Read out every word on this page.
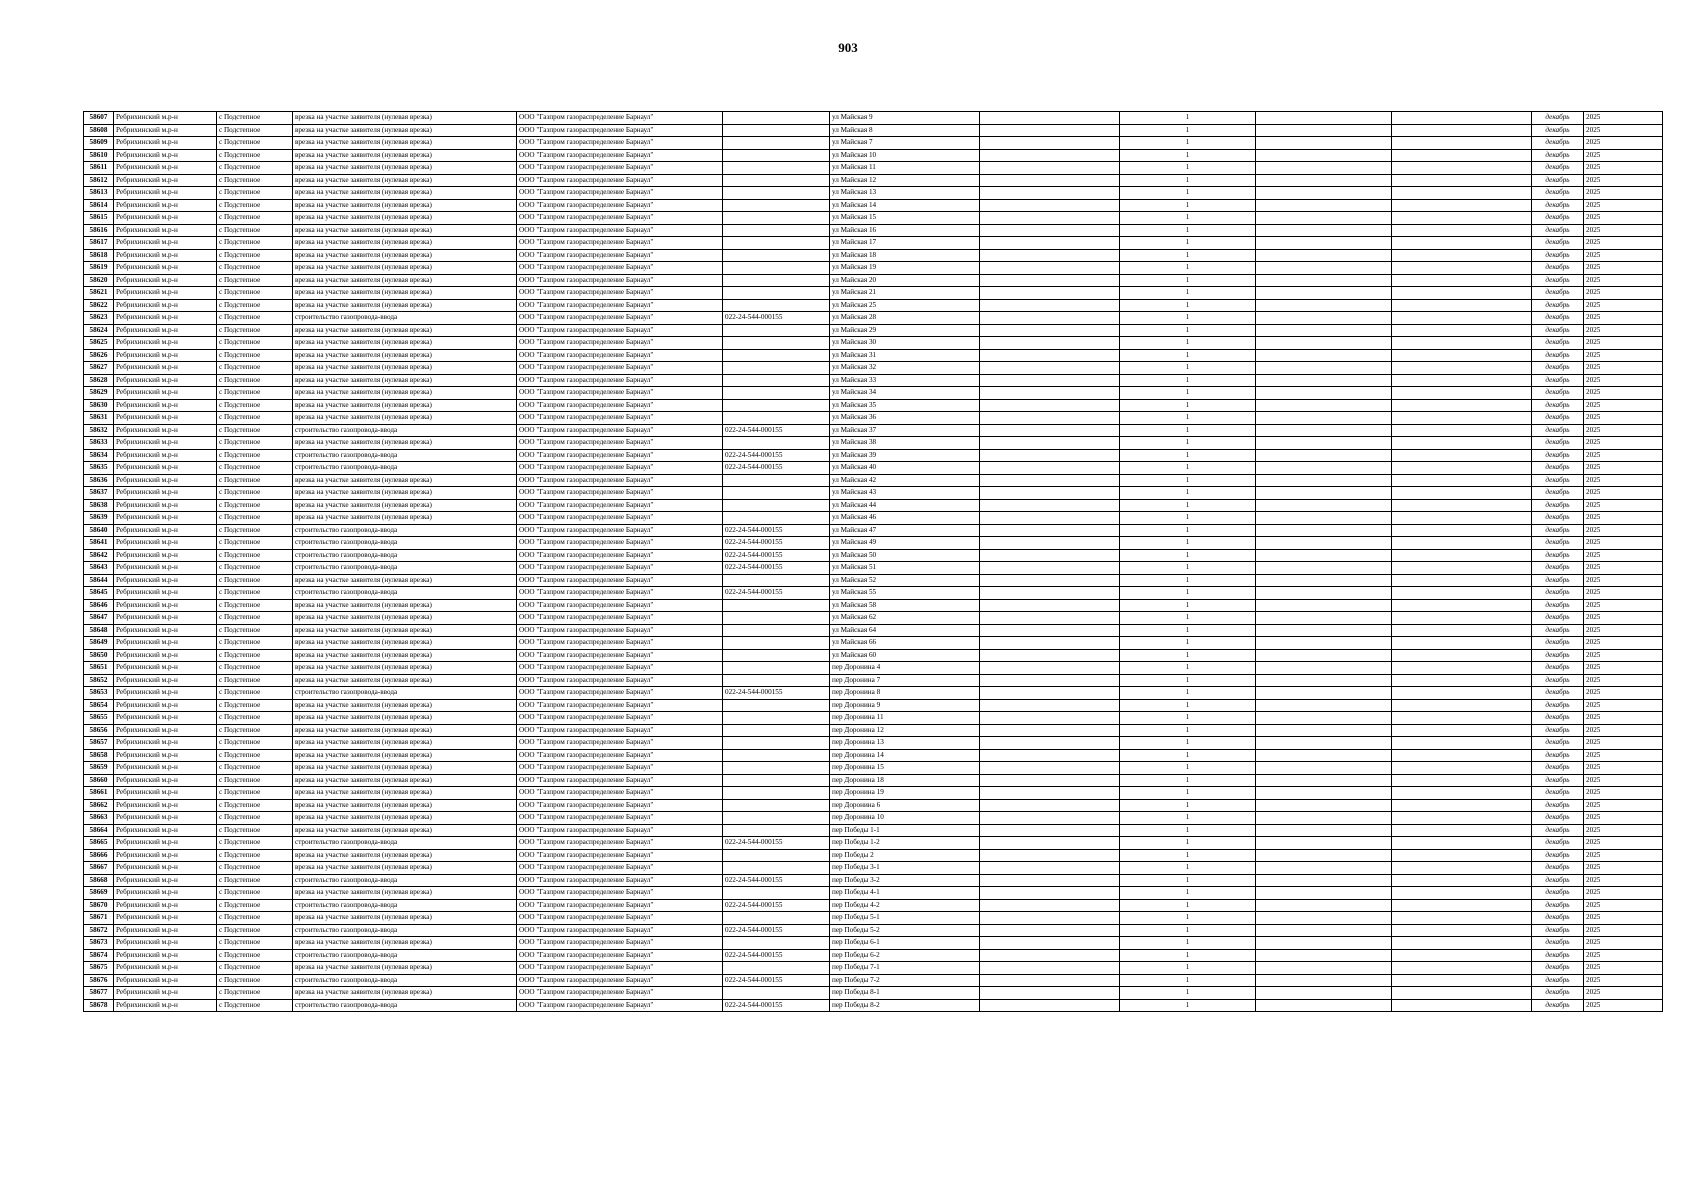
903
58607	Ребрихинский м.р-н	с Подстепное	врезка на участке заявителя (нулевая врезка)	ООО "Газпром газораспределение Барнаул"		ул Майская 9		1			декабрь	2025
58608	Ребрихинский м.р-н	с Подстепное	врезка на участке заявителя (нулевая врезка)	ООО "Газпром газораспределение Барнаул"		ул Майская 8		1			декабрь	2025
58609	Ребрихинский м.р-н	с Подстепное	врезка на участке заявителя (нулевая врезка)	ООО "Газпром газораспределение Барнаул"		ул Майская 7		1			декабрь	2025
58610	Ребрихинский м.р-н	с Подстепное	врезка на участке заявителя (нулевая врезка)	ООО "Газпром газораспределение Барнаул"		ул Майская 10		1			декабрь	2025
58611	Ребрихинский м.р-н	с Подстепное	врезка на участке заявителя (нулевая врезка)	ООО "Газпром газораспределение Барнаул"		ул Майская 11		1			декабрь	2025
58612	Ребрихинский м.р-н	с Подстепное	врезка на участке заявителя (нулевая врезка)	ООО "Газпром газораспределение Барнаул"		ул Майская 12		1			декабрь	2025
58613	Ребрихинский м.р-н	с Подстепное	врезка на участке заявителя (нулевая врезка)	ООО "Газпром газораспределение Барнаул"		ул Майская 13		1			декабрь	2025
58614	Ребрихинский м.р-н	с Подстепное	врезка на участке заявителя (нулевая врезка)	ООО "Газпром газораспределение Барнаул"		ул Майская 14		1			декабрь	2025
58615	Ребрихинский м.р-н	с Подстепное	врезка на участке заявителя (нулевая врезка)	ООО "Газпром газораспределение Барнаул"		ул Майская 15		1			декабрь	2025
58616	Ребрихинский м.р-н	с Подстепное	врезка на участке заявителя (нулевая врезка)	ООО "Газпром газораспределение Барнаул"		ул Майская 16		1			декабрь	2025
58617	Ребрихинский м.р-н	с Подстепное	врезка на участке заявителя (нулевая врезка)	ООО "Газпром газораспределение Барнаул"		ул Майская 17		1			декабрь	2025
58618	Ребрихинский м.р-н	с Подстепное	врезка на участке заявителя (нулевая врезка)	ООО "Газпром газораспределение Барнаул"		ул Майская 18		1			декабрь	2025
58619	Ребрихинский м.р-н	с Подстепное	врезка на участке заявителя (нулевая врезка)	ООО "Газпром газораспределение Барнаул"		ул Майская 19		1			декабрь	2025
58620	Ребрихинский м.р-н	с Подстепное	врезка на участке заявителя (нулевая врезка)	ООО "Газпром газораспределение Барнаул"		ул Майская 20		1			декабрь	2025
58621	Ребрихинский м.р-н	с Подстепное	врезка на участке заявителя (нулевая врезка)	ООО "Газпром газораспределение Барнаул"		ул Майская 21		1			декабрь	2025
58622	Ребрихинский м.р-н	с Подстепное	врезка на участке заявителя (нулевая врезка)	ООО "Газпром газораспределение Барнаул"		ул Майская 25		1			декабрь	2025
58623	Ребрихинский м.р-н	с Подстепное	строительство газопровода-ввода	ООО "Газпром газораспределение Барнаул"	022-24-544-000155	ул Майская 28		1			декабрь	2025
58624	Ребрихинский м.р-н	с Подстепное	врезка на участке заявителя (нулевая врезка)	ООО "Газпром газораспределение Барнаул"		ул Майская 29		1			декабрь	2025
58625	Ребрихинский м.р-н	с Подстепное	врезка на участке заявителя (нулевая врезка)	ООО "Газпром газораспределение Барнаул"		ул Майская 30		1			декабрь	2025
58626	Ребрихинский м.р-н	с Подстепное	врезка на участке заявителя (нулевая врезка)	ООО "Газпром газораспределение Барнаул"		ул Майская 31		1			декабрь	2025
58627	Ребрихинский м.р-н	с Подстепное	врезка на участке заявителя (нулевая врезка)	ООО "Газпром газораспределение Барнаул"		ул Майская 32		1			декабрь	2025
58628	Ребрихинский м.р-н	с Подстепное	врезка на участке заявителя (нулевая врезка)	ООО "Газпром газораспределение Барнаул"		ул Майская 33		1			декабрь	2025
58629	Ребрихинский м.р-н	с Подстепное	врезка на участке заявителя (нулевая врезка)	ООО "Газпром газораспределение Барнаул"		ул Майская 34		1			декабрь	2025
58630	Ребрихинский м.р-н	с Подстепное	врезка на участке заявителя (нулевая врезка)	ООО "Газпром газораспределение Барнаул"		ул Майская 35		1			декабрь	2025
58631	Ребрихинский м.р-н	с Подстепное	врезка на участке заявителя (нулевая врезка)	ООО "Газпром газораспределение Барнаул"		ул Майская 36		1			декабрь	2025
58632	Ребрихинский м.р-н	с Подстепное	строительство газопровода-ввода	ООО "Газпром газораспределение Барнаул"	022-24-544-000155	ул Майская 37		1			декабрь	2025
58633	Ребрихинский м.р-н	с Подстепное	врезка на участке заявителя (нулевая врезка)	ООО "Газпром газораспределение Барнаул"		ул Майская 38		1			декабрь	2025
58634	Ребрихинский м.р-н	с Подстепное	строительство газопровода-ввода	ООО "Газпром газораспределение Барнаул"	022-24-544-000155	ул Майская 39		1			декабрь	2025
58635	Ребрихинский м.р-н	с Подстепное	строительство газопровода-ввода	ООО "Газпром газораспределение Барнаул"	022-24-544-000155	ул Майская 40		1			декабрь	2025
58636	Ребрихинский м.р-н	с Подстепное	врезка на участке заявителя (нулевая врезка)	ООО "Газпром газораспределение Барнаул"		ул Майская 42		1			декабрь	2025
58637	Ребрихинский м.р-н	с Подстепное	врезка на участке заявителя (нулевая врезка)	ООО "Газпром газораспределение Барнаул"		ул Майская 43		1			декабрь	2025
58638	Ребрихинский м.р-н	с Подстепное	врезка на участке заявителя (нулевая врезка)	ООО "Газпром газораспределение Барнаул"		ул Майская 44		1			декабрь	2025
58639	Ребрихинский м.р-н	с Подстепное	врезка на участке заявителя (нулевая врезка)	ООО "Газпром газораспределение Барнаул"		ул Майская 46		1			декабрь	2025
58640	Ребрихинский м.р-н	с Подстепное	строительство газопровода-ввода	ООО "Газпром газораспределение Барнаул"	022-24-544-000155	ул Майская 47		1			декабрь	2025
58641	Ребрихинский м.р-н	с Подстепное	строительство газопровода-ввода	ООО "Газпром газораспределение Барнаул"	022-24-544-000155	ул Майская 49		1			декабрь	2025
58642	Ребрихинский м.р-н	с Подстепное	строительство газопровода-ввода	ООО "Газпром газораспределение Барнаул"	022-24-544-000155	ул Майская 50		1			декабрь	2025
58643	Ребрихинский м.р-н	с Подстепное	строительство газопровода-ввода	ООО "Газпром газораспределение Барнаул"	022-24-544-000155	ул Майская 51		1			декабрь	2025
58644	Ребрихинский м.р-н	с Подстепное	врезка на участке заявителя (нулевая врезка)	ООО "Газпром газораспределение Барнаул"		ул Майская 52		1			декабрь	2025
58645	Ребрихинский м.р-н	с Подстепное	строительство газопровода-ввода	ООО "Газпром газораспределение Барнаул"	022-24-544-000155	ул Майская 55		1			декабрь	2025
58646	Ребрихинский м.р-н	с Подстепное	врезка на участке заявителя (нулевая врезка)	ООО "Газпром газораспределение Барнаул"		ул Майская 58		1			декабрь	2025
58647	Ребрихинский м.р-н	с Подстепное	врезка на участке заявителя (нулевая врезка)	ООО "Газпром газораспределение Барнаул"		ул Майская 62		1			декабрь	2025
58648	Ребрихинский м.р-н	с Подстепное	врезка на участке заявителя (нулевая врезка)	ООО "Газпром газораспределение Барнаул"		ул Майская 64		1			декабрь	2025
58649	Ребрихинский м.р-н	с Подстепное	врезка на участке заявителя (нулевая врезка)	ООО "Газпром газораспределение Барнаул"		ул Майская 66		1			декабрь	2025
58650	Ребрихинский м.р-н	с Подстепное	врезка на участке заявителя (нулевая врезка)	ООО "Газпром газораспределение Барнаул"		ул Майская 60		1			декабрь	2025
58651	Ребрихинский м.р-н	с Подстепное	врезка на участке заявителя (нулевая врезка)	ООО "Газпром газораспределение Барнаул"		пер Доронина 4		1			декабрь	2025
58652	Ребрихинский м.р-н	с Подстепное	врезка на участке заявителя (нулевая врезка)	ООО "Газпром газораспределение Барнаул"		пер Доронина 7		1			декабрь	2025
58653	Ребрихинский м.р-н	с Подстепное	строительство газопровода-ввода	ООО "Газпром газораспределение Барнаул"	022-24-544-000155	пер Доронина 8		1			декабрь	2025
58654	Ребрихинский м.р-н	с Подстепное	врезка на участке заявителя (нулевая врезка)	ООО "Газпром газораспределение Барнаул"		пер Доронина 9		1			декабрь	2025
58655	Ребрихинский м.р-н	с Подстепное	врезка на участке заявителя (нулевая врезка)	ООО "Газпром газораспределение Барнаул"		пер Доронина 11		1			декабрь	2025
58656	Ребрихинский м.р-н	с Подстепное	врезка на участке заявителя (нулевая врезка)	ООО "Газпром газораспределение Барнаул"		пер Доронина 12		1			декабрь	2025
58657	Ребрихинский м.р-н	с Подстепное	врезка на участке заявителя (нулевая врезка)	ООО "Газпром газораспределение Барнаул"		пер Доронина 13		1			декабрь	2025
58658	Ребрихинский м.р-н	с Подстепное	врезка на участке заявителя (нулевая врезка)	ООО "Газпром газораспределение Барнаул"		пер Доронина 14		1			декабрь	2025
58659	Ребрихинский м.р-н	с Подстепное	врезка на участке заявителя (нулевая врезка)	ООО "Газпром газораспределение Барнаул"		пер Доронина 15		1			декабрь	2025
58660	Ребрихинский м.р-н	с Подстепное	врезка на участке заявителя (нулевая врезка)	ООО "Газпром газораспределение Барнаул"		пер Доронина 18		1			декабрь	2025
58661	Ребрихинский м.р-н	с Подстепное	врезка на участке заявителя (нулевая врезка)	ООО "Газпром газораспределение Барнаул"		пер Доронина 19		1			декабрь	2025
58662	Ребрихинский м.р-н	с Подстепное	врезка на участке заявителя (нулевая врезка)	ООО "Газпром газораспределение Барнаул"		пер Доронина 6		1			декабрь	2025
58663	Ребрихинский м.р-н	с Подстепное	врезка на участке заявителя (нулевая врезка)	ООО "Газпром газораспределение Барнаул"		пер Доронина 10		1			декабрь	2025
58664	Ребрихинский м.р-н	с Подстепное	врезка на участке заявителя (нулевая врезка)	ООО "Газпром газораспределение Барнаул"		пер Победы 1-1		1			декабрь	2025
58665	Ребрихинский м.р-н	с Подстепное	строительство газопровода-ввода	ООО "Газпром газораспределение Барнаул"	022-24-544-000155	пер Победы 1-2		1			декабрь	2025
58666	Ребрихинский м.р-н	с Подстепное	врезка на участке заявителя (нулевая врезка)	ООО "Газпром газораспределение Барнаул"		пер Победы 2		1			декабрь	2025
58667	Ребрихинский м.р-н	с Подстепное	врезка на участке заявителя (нулевая врезка)	ООО "Газпром газораспределение Барнаул"		пер Победы 3-1		1			декабрь	2025
58668	Ребрихинский м.р-н	с Подстепное	строительство газопровода-ввода	ООО "Газпром газораспределение Барнаул"	022-24-544-000155	пер Победы 3-2		1			декабрь	2025
58669	Ребрихинский м.р-н	с Подстепное	врезка на участке заявителя (нулевая врезка)	ООО "Газпром газораспределение Барнаул"		пер Победы 4-1		1			декабрь	2025
58670	Ребрихинский м.р-н	с Подстепное	строительство газопровода-ввода	ООО "Газпром газораспределение Барнаул"	022-24-544-000155	пер Победы 4-2		1			декабрь	2025
58671	Ребрихинский м.р-н	с Подстепное	врезка на участке заявителя (нулевая врезка)	ООО "Газпром газораспределение Барнаул"		пер Победы 5-1		1			декабрь	2025
58672	Ребрихинский м.р-н	с Подстепное	строительство газопровода-ввода	ООО "Газпром газораспределение Барнаул"	022-24-544-000155	пер Победы 5-2		1			декабрь	2025
58673	Ребрихинский м.р-н	с Подстепное	врезка на участке заявителя (нулевая врезка)	ООО "Газпром газораспределение Барнаул"		пер Победы 6-1		1			декабрь	2025
58674	Ребрихинский м.р-н	с Подстепное	строительство газопровода-ввода	ООО "Газпром газораспределение Барнаул"	022-24-544-000155	пер Победы 6-2		1			декабрь	2025
58675	Ребрихинский м.р-н	с Подстепное	врезка на участке заявителя (нулевая врезка)	ООО "Газпром газораспределение Барнаул"		пер Победы 7-1		1			декабрь	2025
58676	Ребрихинский м.р-н	с Подстепное	строительство газопровода-ввода	ООО "Газпром газораспределение Барнаул"	022-24-544-000155	пер Победы 7-2		1			декабрь	2025
58677	Ребрихинский м.р-н	с Подстепное	врезка на участке заявителя (нулевая врезка)	ООО "Газпром газораспределение Барнаул"		пер Победы 8-1		1			декабрь	2025
58678	Ребрихинский м.р-н	с Подстепное	строительство газопровода-ввода	ООО "Газпром газораспределение Барнаул"	022-24-544-000155	пер Победы 8-2		1			декабрь	2025
